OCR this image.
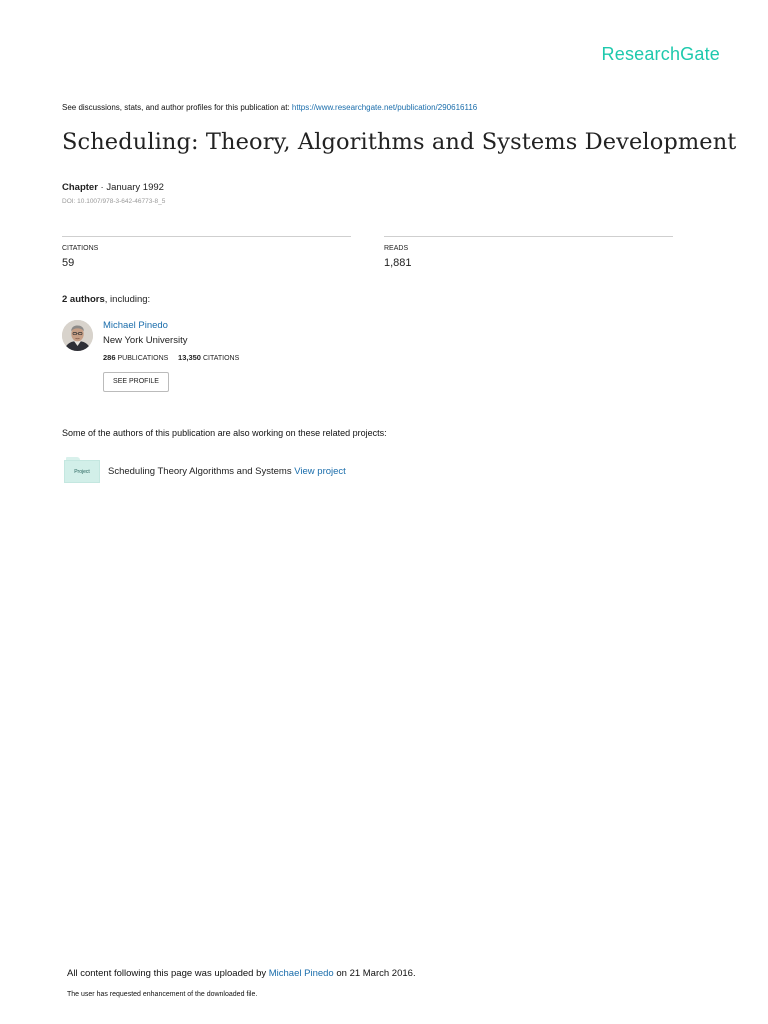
ResearchGate
See discussions, stats, and author profiles for this publication at: https://www.researchgate.net/publication/290616116
Scheduling: Theory, Algorithms and Systems Development
Chapter · January 1992
DOI: 10.1007/978-3-642-46773-8_5
CITATIONS
59
READS
1,881
2 authors, including:
Michael Pinedo
New York University
286 PUBLICATIONS 13,350 CITATIONS
SEE PROFILE
Some of the authors of this publication are also working on these related projects:
Project	Scheduling Theory Algorithms and Systems View project
All content following this page was uploaded by Michael Pinedo on 21 March 2016.
The user has requested enhancement of the downloaded file.
